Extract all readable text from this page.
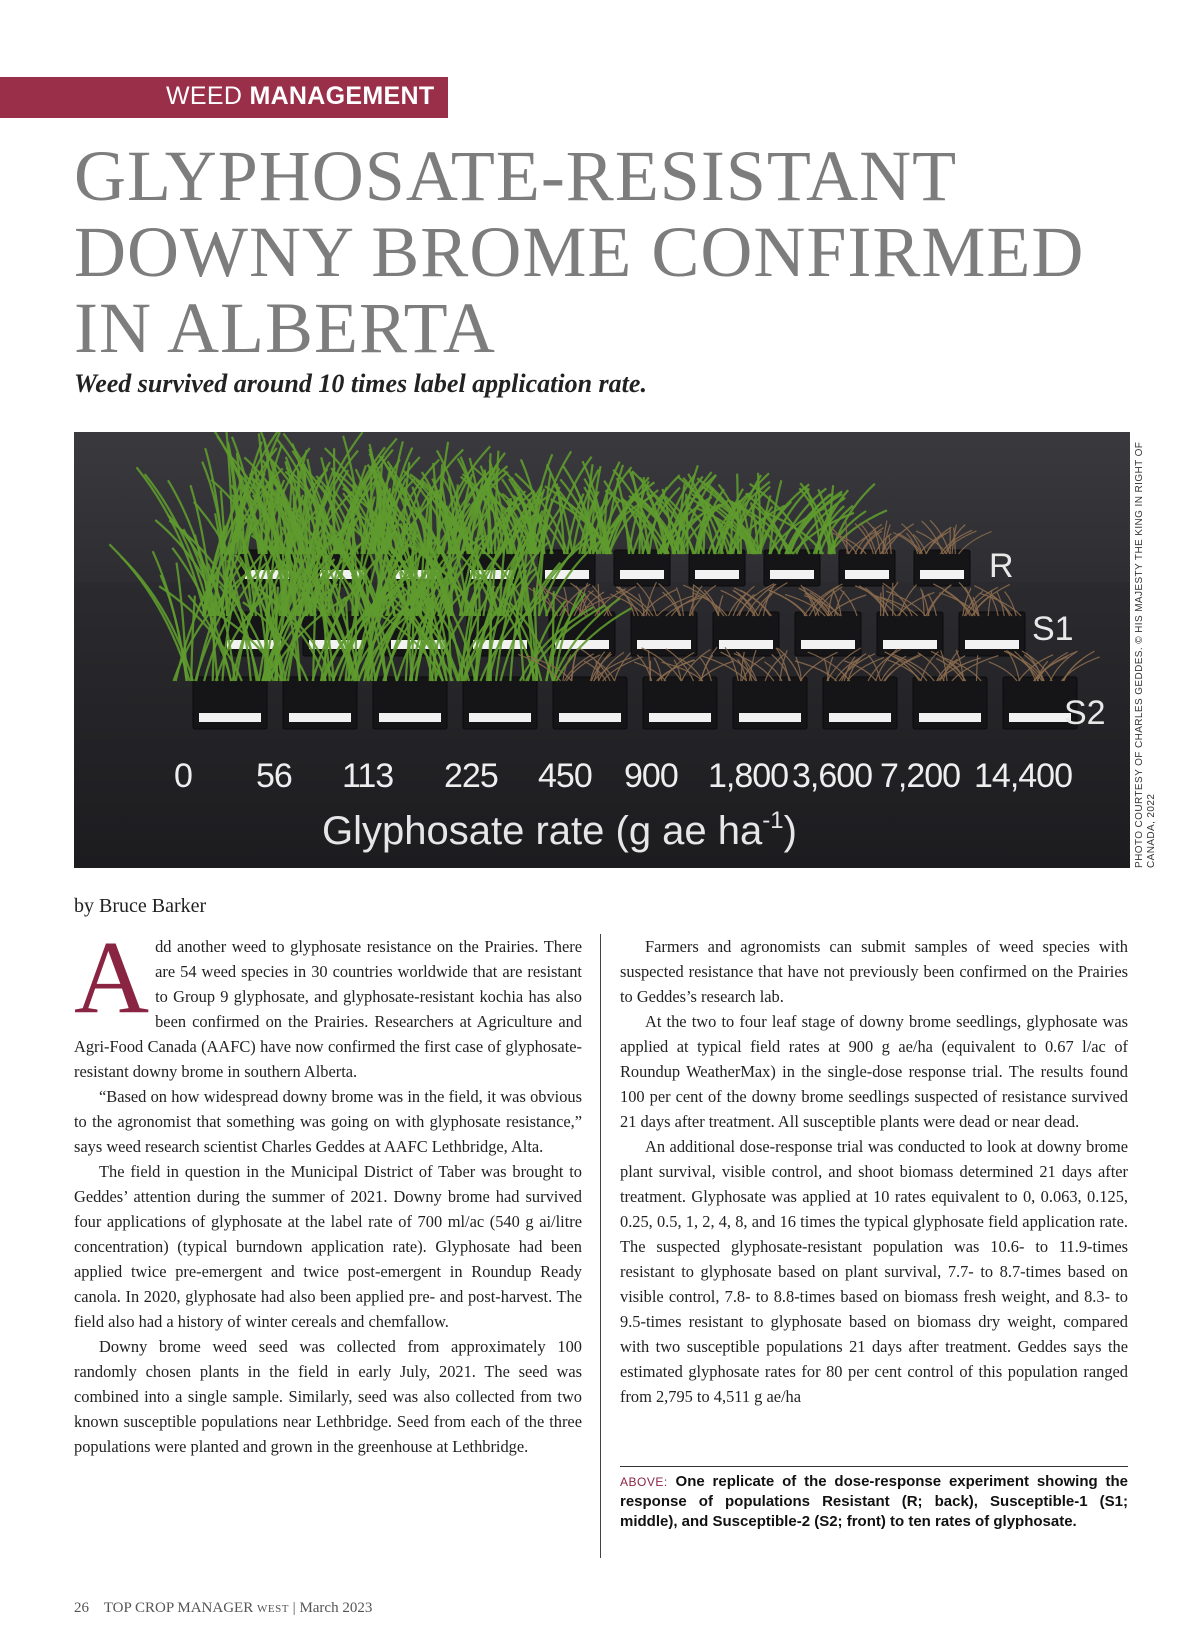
WEED MANAGEMENT
GLYPHOSATE-RESISTANT DOWNY BROME CONFIRMED IN ALBERTA
Weed survived around 10 times label application rate.
R
S1
S2
0 56 113 225 450 900 1,800 3,600 7,200 14,400
Glyphosate rate (g ae $ha^{-1}$)	PHOTO COURTESY OF CHARLES GEDDES. © HIS MAJESTY THE KING IN RIGHT OF CANADA, 2022
by Bruce Barker

Add another weed to glyphosate resistance on the Prairies. There are 54 weed species in 30 countries worldwide that are resistant to Group 9 glyphosate, and glyphosate-resistant kochia has also been confirmed on the Prairies. Researchers at Agriculture and Agri-Food Canada (AAFC) have now confirmed the first case of glyphosate-resistant downy brome in southern Alberta.

“Based on how widespread downy brome was in the field, it was obvious to the agronomist that something was going on with glyphosate resistance,” says weed research scientist Charles Geddes at AAFC Lethbridge, Alta.

The field in question in the Municipal District of Taber was brought to Geddes’ attention during the summer of 2021. Downy brome had survived four applications of glyphosate at the label rate of 700 ml/ac (540 g ai/litre concentration) (typical burndown application rate). Glyphosate had been applied twice pre-emergent and twice post-emergent in Roundup Ready canola. In 2020, glyphosate had also been applied pre- and post-harvest. The field also had a history of winter cereals and chemfallow.

Downy brome weed seed was collected from approximately 100 randomly chosen plants in the field in early July, 2021. The seed was combined into a single sample. Similarly, seed was also collected from two known susceptible populations near Lethbridge. Seed from each of the three populations were planted and grown in the greenhouse at Lethbridge.

Farmers and agronomists can submit samples of weed species with suspected resistance that have not previously been confirmed on the Prairies to Geddes’s research lab.

At the two to four leaf stage of downy brome seedlings, glyphosate was applied at typical field rates at 900 g ae/ha (equivalent to 0.67 l/ac of Roundup WeatherMax) in the single-dose response trial. The results found 100 per cent of the downy brome seedlings suspected of resistance survived 21 days after treatment. All susceptible plants were dead or near dead.

An additional dose-response trial was conducted to look at downy brome plant survival, visible control, and shoot biomass determined 21 days after treatment. Glyphosate was applied at 10 rates equivalent to 0, 0.063, 0.125, 0.25, 0.5, 1, 2, 4, 8, and 16 times the typical glyphosate field application rate. The suspected glyphosate-resistant population was 10.6- to 11.9-times resistant to glyphosate based on plant survival, 7.7- to 8.7-times based on visible control, 7.8- to 8.8-times based on biomass fresh weight, and 8.3- to 9.5-times resistant to glyphosate based on biomass dry weight, compared with two susceptible populations 21 days after treatment. Geddes says the estimated glyphosate rates for 80 per cent control of this population ranged from 2,795 to 4,511 g ae/ha

ABOVE: One replicate of the dose-response experiment showing the response of populations Resistant (R; back), Susceptible-1 (S1; middle), and Susceptible-2 (S2; front) to ten rates of glyphosate.
26 TOP CROP MANAGER WEST | March 2023
